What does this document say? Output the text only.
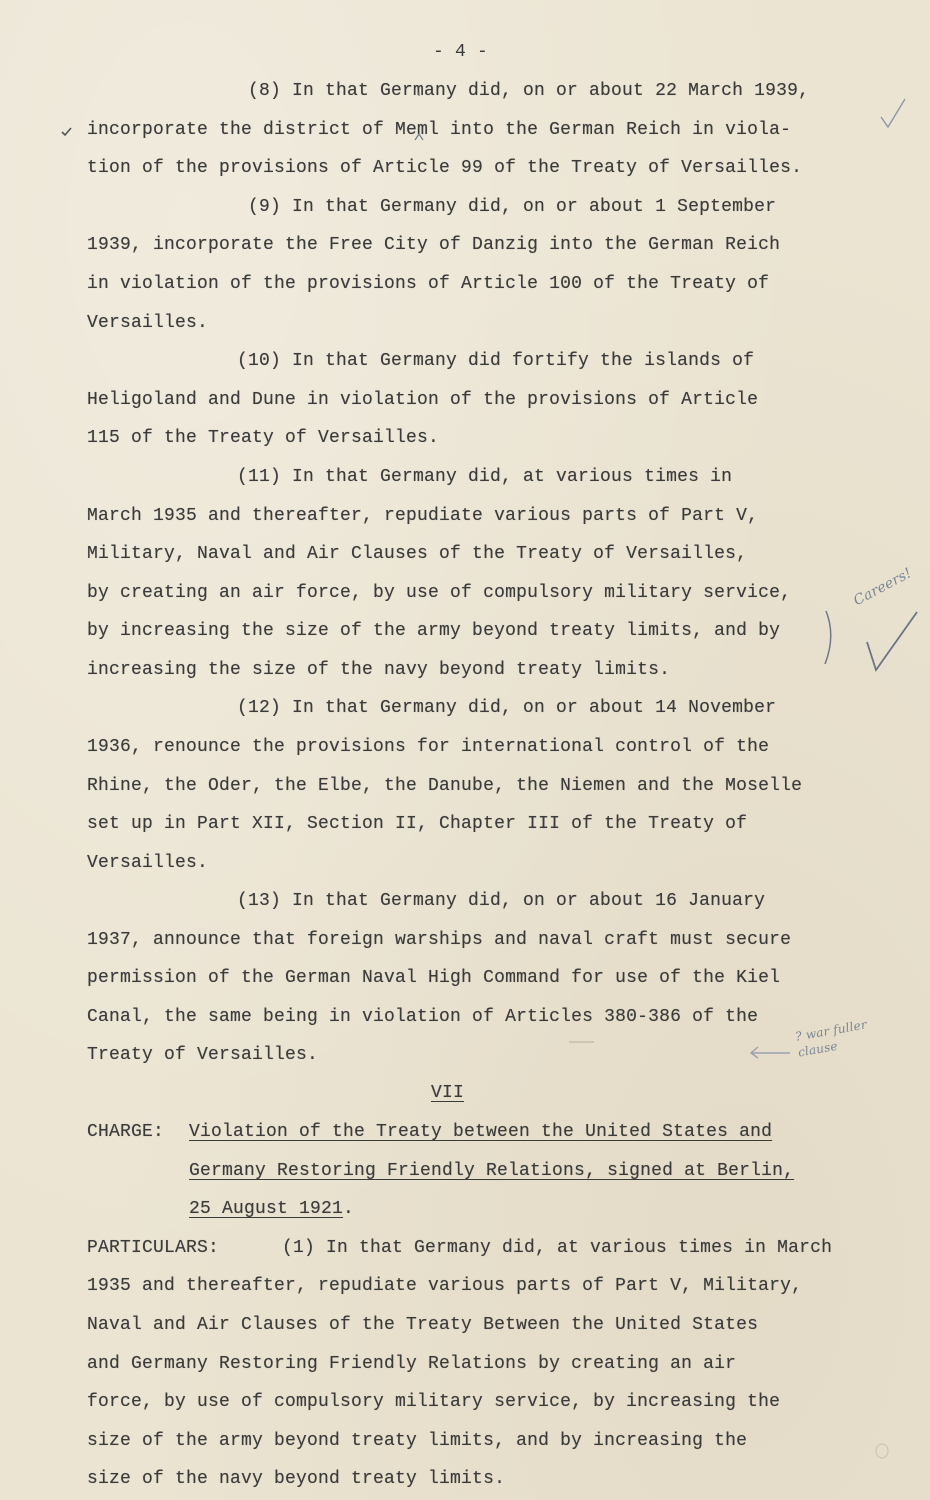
- 4 -
(8) In that Germany did, on or about 22 March 1939,
incorporate the district of Meml into the German Reich in viola-
tion of the provisions of Article 99 of the Treaty of Versailles.
(9) In that Germany did, on or about 1 September
1939, incorporate the Free City of Danzig into the German Reich
in violation of the provisions of Article 100 of the Treaty of
Versailles.
(10) In that Germany did fortify the islands of
Heligoland and Dune in violation of the provisions of Article
115 of the Treaty of Versailles.
(11) In that Germany did, at various times in
March 1935 and thereafter, repudiate various parts of Part V,
Military, Naval and Air Clauses of the Treaty of Versailles,
by creating an air force, by use of compulsory military service,
by increasing the size of the army beyond treaty limits, and by
increasing the size of the navy beyond treaty limits.
(12) In that Germany did, on or about 14 November
1936, renounce the provisions for international control of the
Rhine, the Oder, the Elbe, the Danube, the Niemen and the Moselle
set up in Part XII, Section II, Chapter III of the Treaty of
Versailles.
(13) In that Germany did, on or about 16 January
1937, announce that foreign warships and naval craft must secure
permission of the German Naval High Command for use of the Kiel
Canal, the same being in violation of Articles 380-386 of the
Treaty of Versailles.
VII
CHARGE: Violation of the Treaty between the United States and
Germany Restoring Friendly Relations, signed at Berlin,
25 August 1921.
PARTICULARS:	(1) In that Germany did, at various times in March
1935 and thereafter, repudiate various parts of Part V, Military,
Naval and Air Clauses of the Treaty Between the United States
and Germany Restoring Friendly Relations by creating an air
force, by use of compulsory military service, by increasing the
size of the army beyond treaty limits, and by increasing the
size of the navy beyond treaty limits.
Careers!
? war fuller clause
